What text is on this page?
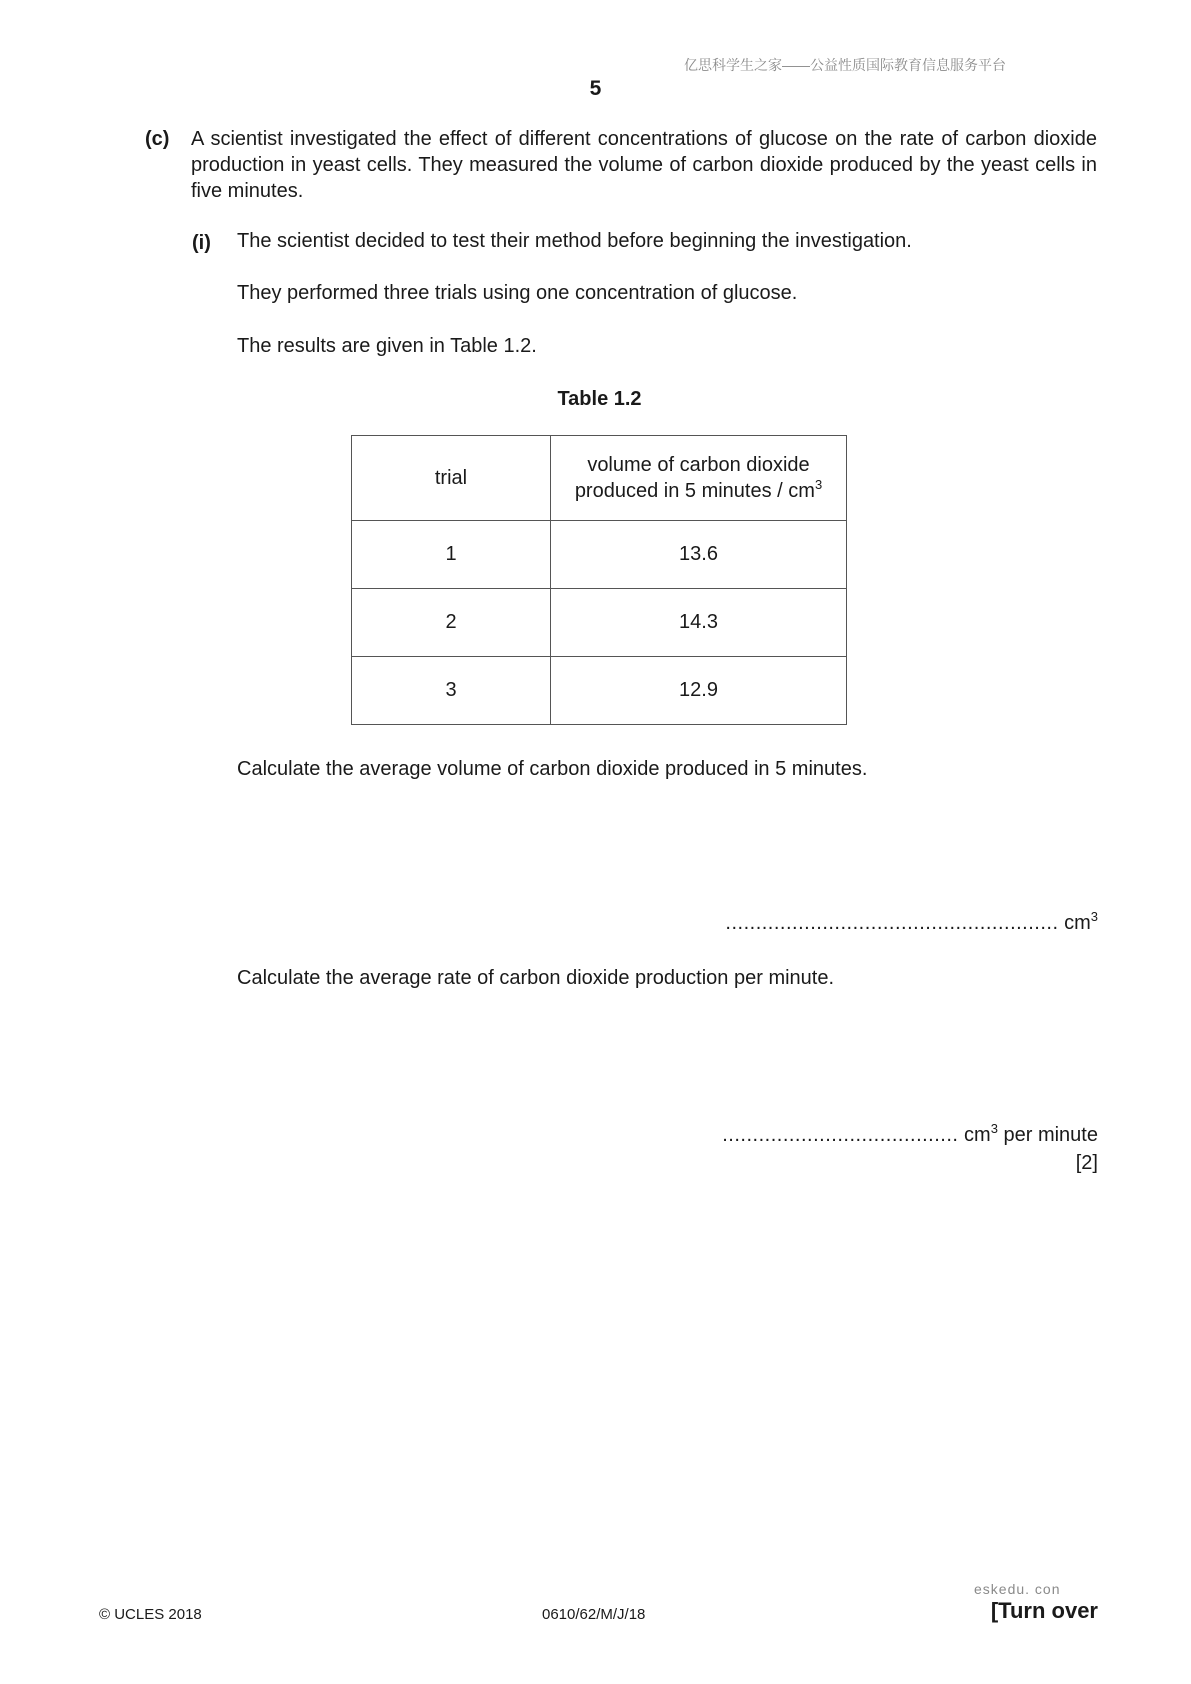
亿思科学生之家——公益性质国际教育信息服务平台
5
(c) A scientist investigated the effect of different concentrations of glucose on the rate of carbon dioxide production in yeast cells. They measured the volume of carbon dioxide produced by the yeast cells in five minutes.
(i) The scientist decided to test their method before beginning the investigation.
They performed three trials using one concentration of glucose.
The results are given in Table 1.2.
Table 1.2
trial	volume of carbon dioxide
produced in 5 minutes / $cm^3$
1	13.6
2	14.3
3	12.9
Calculate the average volume of carbon dioxide produced in 5 minutes.
....................................................... $cm^3$
Calculate the average rate of carbon dioxide production per minute.
....................................... $cm^3$ per minute
[2]
eskedu. con
© UCLES 2018	0610/62/M/J/18	[Turn over
